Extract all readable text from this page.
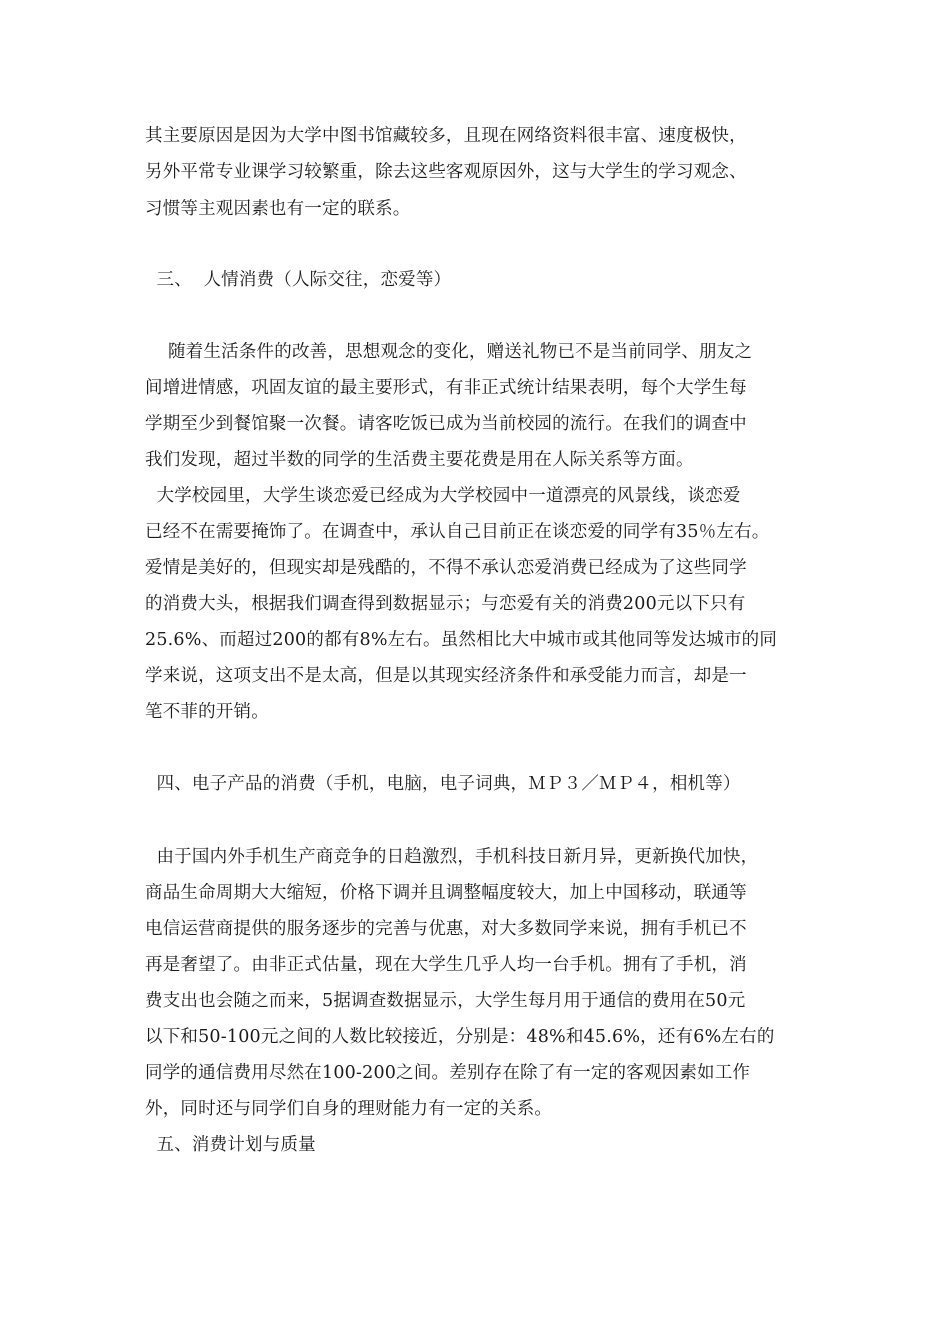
其主要原因是因为大学中图书馆藏较多，且现在网络资料很丰富、速度极快，
另外平常专业课学习较繁重，除去这些客观原因外，这与大学生的学习观念、
习惯等主观因素也有一定的联系。
三、  人情消费（人际交往，恋爱等）
随着生活条件的改善，思想观念的变化，赠送礼物已不是当前同学、朋友之
间增进情感，巩固友谊的最主要形式，有非正式统计结果表明，每个大学生每
学期至少到餐馆聚一次餐。请客吃饭已成为当前校园的流行。在我们的调查中
我们发现，超过半数的同学的生活费主要花费是用在人际关系等方面。
大学校园里，大学生谈恋爱已经成为大学校园中一道漂亮的风景线，谈恋爱
已经不在需要掩饰了。在调查中，承认自己目前正在谈恋爱的同学有35％左右。
爱情是美好的，但现实却是残酷的，不得不承认恋爱消费已经成为了这些同学
的消费大头，根据我们调查得到数据显示；与恋爱有关的消费200元以下只有
25.6%、而超过200的都有8%左右。虽然相比大中城市或其他同等发达城市的同
学来说，这项支出不是太高，但是以其现实经济条件和承受能力而言，却是一
笔不菲的开销。
四、电子产品的消费（手机，电脑，电子词典，ＭＰ３／ＭＰ４，相机等）
由于国内外手机生产商竞争的日趋激烈，手机科技日新月异，更新换代加快，
商品生命周期大大缩短，价格下调并且调整幅度较大，加上中国移动，联通等
电信运营商提供的服务逐步的完善与优惠，对大多数同学来说，拥有手机已不
再是奢望了。由非正式估量，现在大学生几乎人均一台手机。拥有了手机，消
费支出也会随之而来，5据调查数据显示，大学生每月用于通信的费用在50元
以下和50-100元之间的人数比较接近，分别是：48%和45.6%，还有6%左右的
同学的通信费用尽然在100-200之间。差别存在除了有一定的客观因素如工作
外，同时还与同学们自身的理财能力有一定的关系。
五、消费计划与质量
